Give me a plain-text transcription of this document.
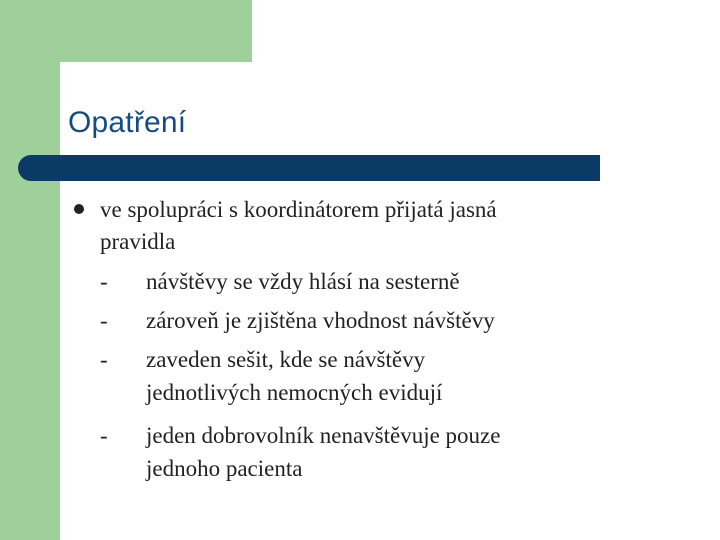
Opatření
ve spolupráci s koordinátorem přijatá jasná
pravidla
- návštěvy se vždy hlásí na sesterně
- zároveň je zjištěna vhodnost návštěvy
- zaveden sešit, kde se návštěvy
jednotlivých nemocných evidují
- jeden dobrovolník nenavštěvuje pouze
jednoho pacienta
